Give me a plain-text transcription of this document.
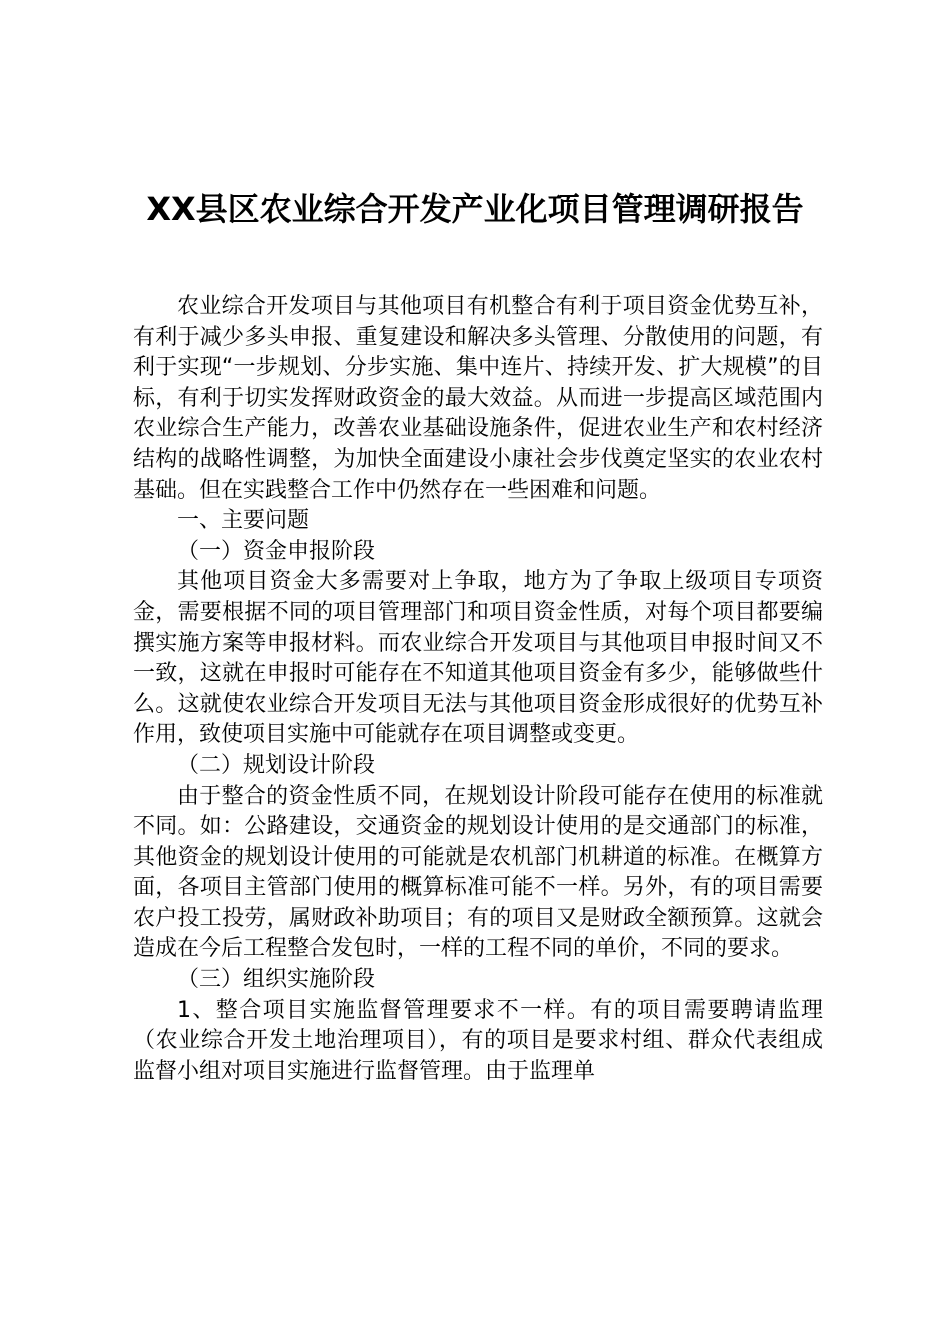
XX县区农业综合开发产业化项目管理调研报告

农业综合开发项目与其他项目有机整合有利于项目资金优势互补，有利于减少多头申报、重复建设和解决多头管理、分散使用的问题，有利于实现“一步规划、分步实施、集中连片、持续开发、扩大规模”的目标，有利于切实发挥财政资金的最大效益。从而进一步提高区域范围内农业综合生产能力，改善农业基础设施条件，促进农业生产和农村经济结构的战略性调整，为加快全面建设小康社会步伐奠定坚实的农业农村基础。但在实践整合工作中仍然存在一些困难和问题。

一、主要问题

（一）资金申报阶段

其他项目资金大多需要对上争取，地方为了争取上级项目专项资金，需要根据不同的项目管理部门和项目资金性质，对每个项目都要编撰实施方案等申报材料。而农业综合开发项目与其他项目申报时间又不一致，这就在申报时可能存在不知道其他项目资金有多少，能够做些什么。这就使农业综合开发项目无法与其他项目资金形成很好的优势互补作用，致使项目实施中可能就存在项目调整或变更。

（二）规划设计阶段

由于整合的资金性质不同，在规划设计阶段可能存在使用的标准就不同。如：公路建设，交通资金的规划设计使用的是交通部门的标准，其他资金的规划设计使用的可能就是农机部门机耕道的标准。在概算方面，各项目主管部门使用的概算标准可能不一样。另外，有的项目需要农户投工投劳，属财政补助项目；有的项目又是财政全额预算。这就会造成在今后工程整合发包时，一样的工程不同的单价，不同的要求。

（三）组织实施阶段

1、整合项目实施监督管理要求不一样。有的项目需要聘请监理（农业综合开发土地治理项目），有的项目是要求村组、群众代表组成监督小组对项目实施进行监督管理。由于监理单
